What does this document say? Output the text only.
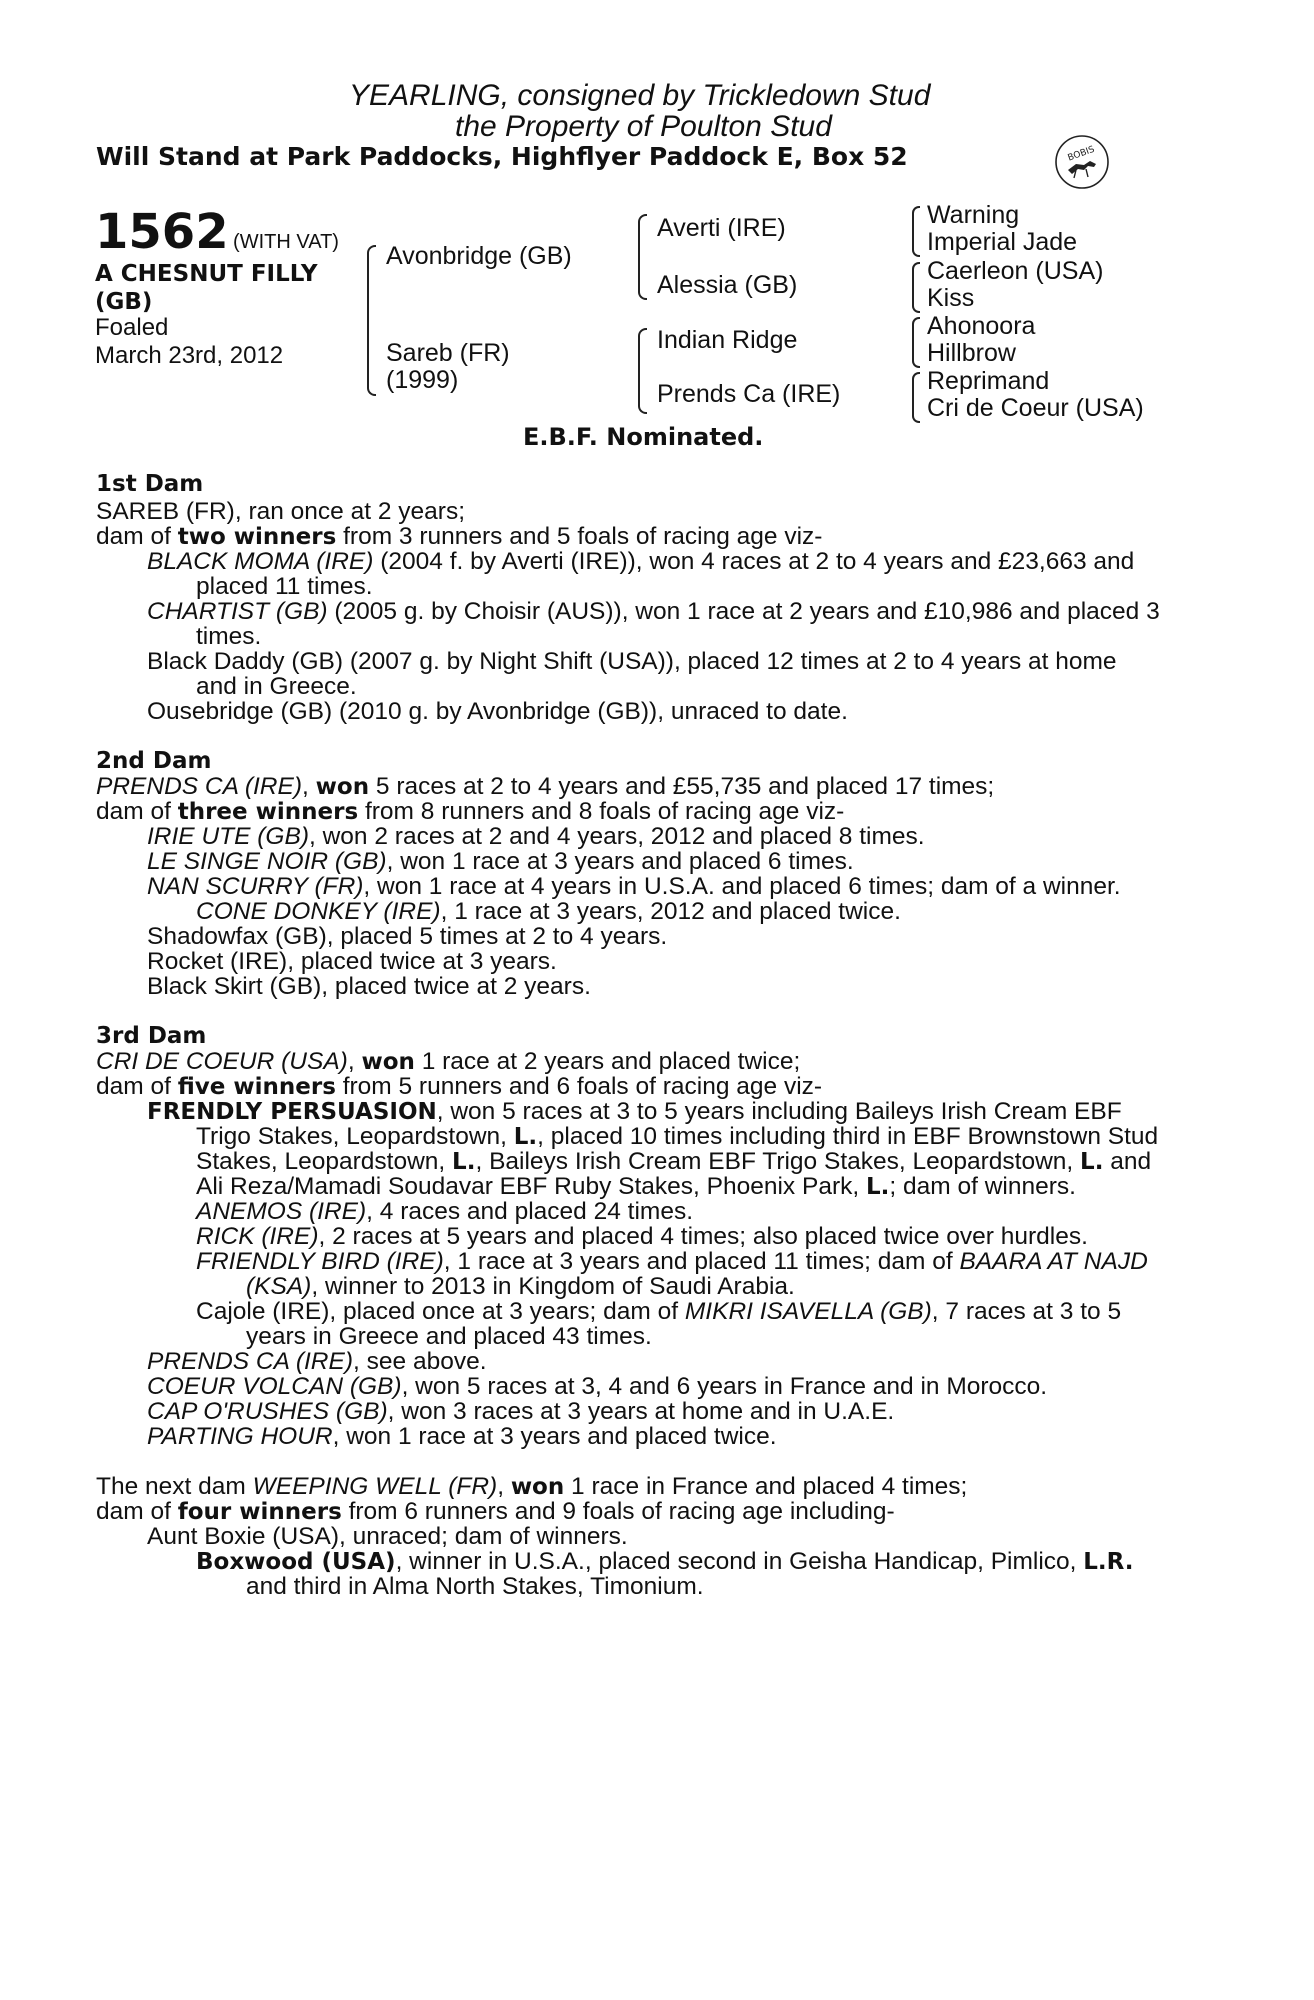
YEARLING, consigned by Trickledown Stud
the Property of Poulton Stud
Will Stand at Park Paddocks, Highflyer Paddock E, Box 52	BOBIS
1562 (WITH VAT)
A CHESNUT FILLY
(GB)
Foaled
March 23rd, 2012
Avonbridge (GB)
Sareb (FR)
(1999)
Averti (IRE)
Alessia (GB)
Indian Ridge
Prends Ca (IRE)
Warning
Imperial Jade
Caerleon (USA)
Kiss
Ahonoora
Hillbrow
Reprimand
Cri de Coeur (USA)
E.B.F. Nominated.
1st Dam
SAREB (FR), ran once at 2 years;
dam of two winners from 3 runners and 5 foals of racing age viz-
BLACK MOMA (IRE) (2004 f. by Averti (IRE)), won 4 races at 2 to 4 years and £23,663 and
placed 11 times.
CHARTIST (GB) (2005 g. by Choisir (AUS)), won 1 race at 2 years and £10,986 and placed 3
times.
Black Daddy (GB) (2007 g. by Night Shift (USA)), placed 12 times at 2 to 4 years at home
and in Greece.
Ousebridge (GB) (2010 g. by Avonbridge (GB)), unraced to date.
2nd Dam
PRENDS CA (IRE), won 5 races at 2 to 4 years and £55,735 and placed 17 times;
dam of three winners from 8 runners and 8 foals of racing age viz-
IRIE UTE (GB), won 2 races at 2 and 4 years, 2012 and placed 8 times.
LE SINGE NOIR (GB), won 1 race at 3 years and placed 6 times.
NAN SCURRY (FR), won 1 race at 4 years in U.S.A. and placed 6 times; dam of a winner.
CONE DONKEY (IRE), 1 race at 3 years, 2012 and placed twice.
Shadowfax (GB), placed 5 times at 2 to 4 years.
Rocket (IRE), placed twice at 3 years.
Black Skirt (GB), placed twice at 2 years.
3rd Dam
CRI DE COEUR (USA), won 1 race at 2 years and placed twice;
dam of five winners from 5 runners and 6 foals of racing age viz-
FRENDLY PERSUASION, won 5 races at 3 to 5 years including Baileys Irish Cream EBF
Trigo Stakes, Leopardstown, L., placed 10 times including third in EBF Brownstown Stud
Stakes, Leopardstown, L., Baileys Irish Cream EBF Trigo Stakes, Leopardstown, L. and
Ali Reza/Mamadi Soudavar EBF Ruby Stakes, Phoenix Park, L.; dam of winners.
ANEMOS (IRE), 4 races and placed 24 times.
RICK (IRE), 2 races at 5 years and placed 4 times; also placed twice over hurdles.
FRIENDLY BIRD (IRE), 1 race at 3 years and placed 11 times; dam of BAARA AT NAJD
(KSA), winner to 2013 in Kingdom of Saudi Arabia.
Cajole (IRE), placed once at 3 years; dam of MIKRI ISAVELLA (GB), 7 races at 3 to 5
years in Greece and placed 43 times.
PRENDS CA (IRE), see above.
COEUR VOLCAN (GB), won 5 races at 3, 4 and 6 years in France and in Morocco.
CAP O'RUSHES (GB), won 3 races at 3 years at home and in U.A.E.
PARTING HOUR, won 1 race at 3 years and placed twice.
The next dam WEEPING WELL (FR), won 1 race in France and placed 4 times;
dam of four winners from 6 runners and 9 foals of racing age including-
Aunt Boxie (USA), unraced; dam of winners.
Boxwood (USA), winner in U.S.A., placed second in Geisha Handicap, Pimlico, L.R.
and third in Alma North Stakes, Timonium.
